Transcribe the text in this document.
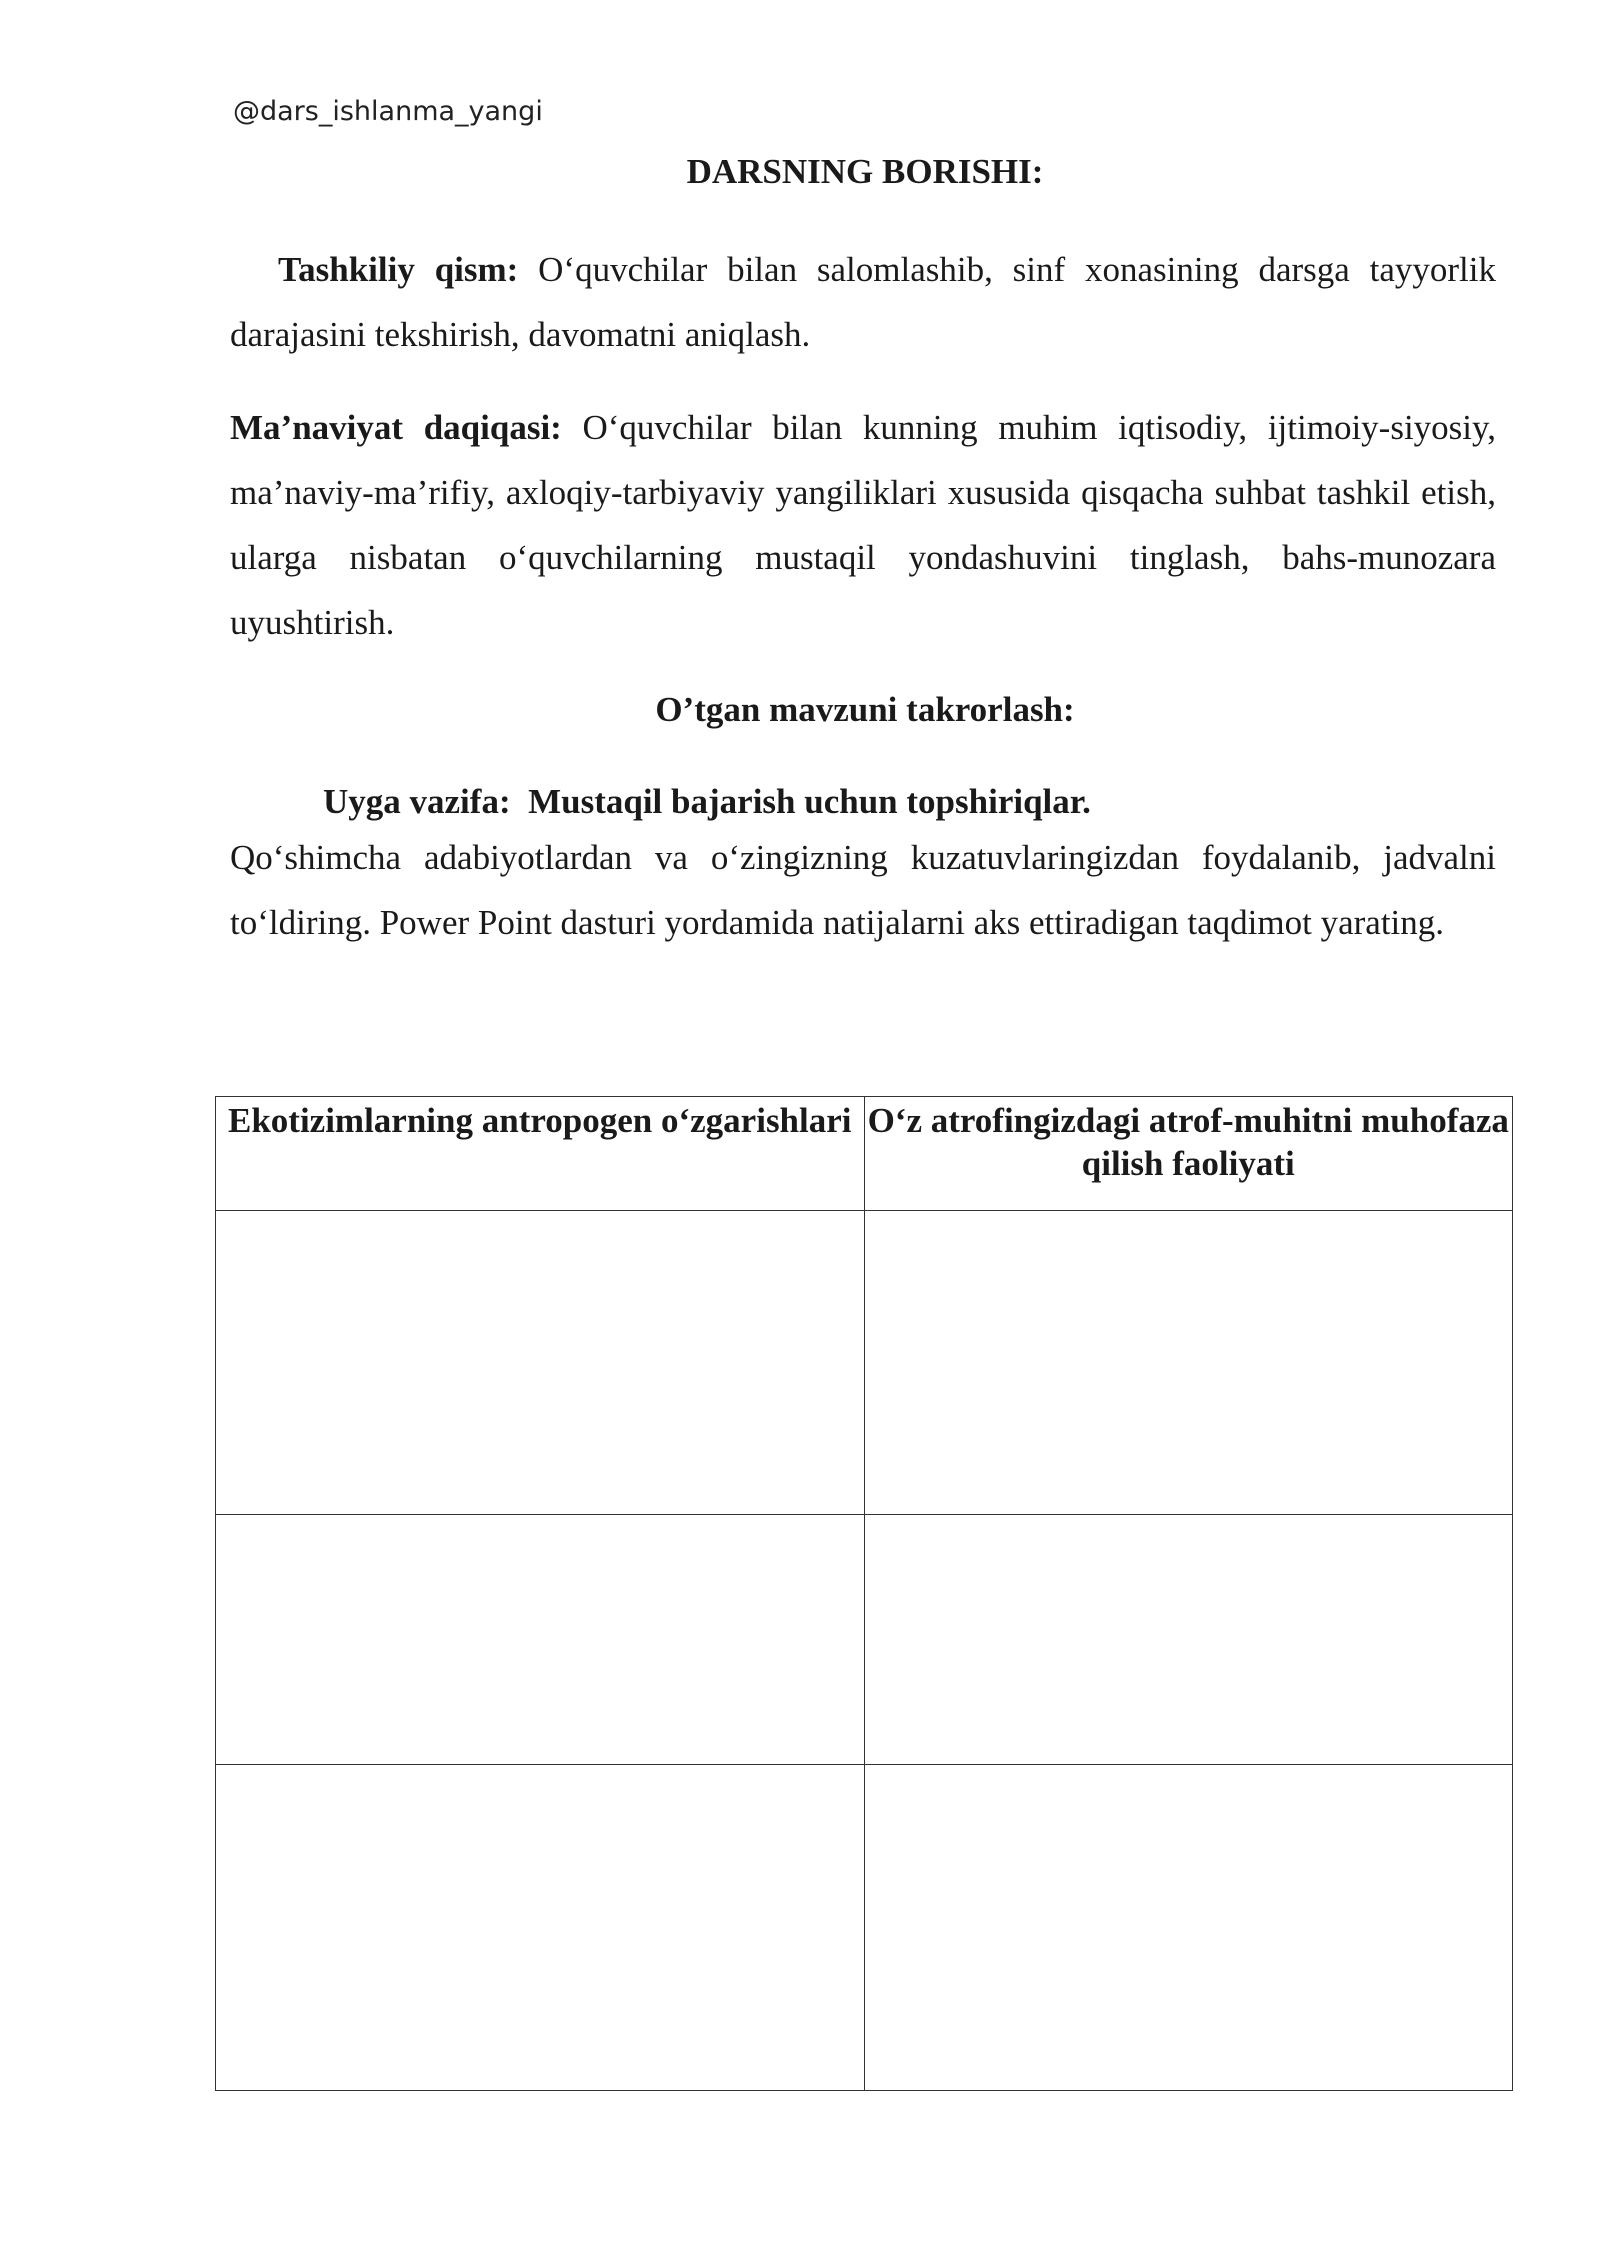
@dars_ishlanma_yangi
DARSNING BORISHI:
Tashkiliy qism: O‘quvchilar bilan salomlashib, sinf xonasining darsga tayyorlik darajasini tekshirish, davomatni aniqlash.
Ma’naviyat daqiqasi: O‘quvchilar bilan kunning muhim iqtisodiy, ijtimoiy-siyosiy, ma’naviy-ma’rifiy, axloqiy-tarbiyaviy yangiliklari xususida qisqacha suhbat tashkil etish, ularga nisbatan o‘quvchilarning mustaqil yondashuvini tinglash, bahs-munozara uyushtirish.
O’tgan mavzuni takrorlash:
Uyga vazifa:  Mustaqil bajarish uchun topshiriqlar.
Qo‘shimcha adabiyotlardan va o‘zingizning kuzatuvlaringizdan foydalanib, jadvalni to‘ldiring. Power Point dasturi yordamida natijalarni aks ettiradigan taqdimot yarating.
Ekotizimlarning antropogen o‘zgarishlari	O‘z atrofingizdagi atrof-muhitni muhofaza qilish faoliyati
